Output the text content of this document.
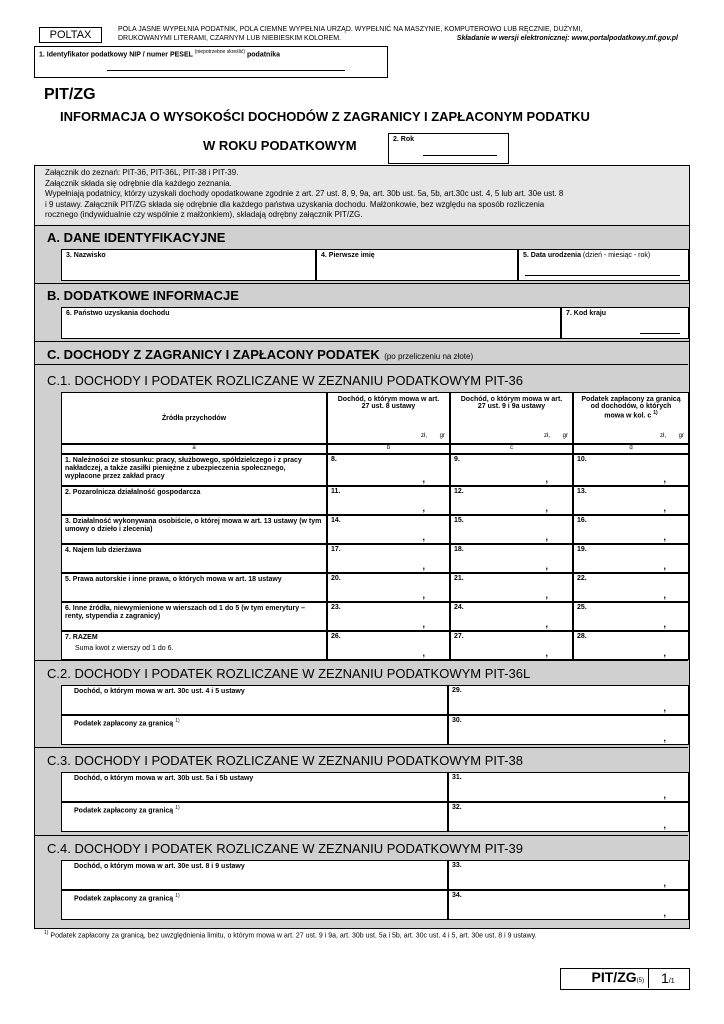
POLTAX	POLA JASNE WYPEŁNIA PODATNIK, POLA CIEMNE WYPEŁNIA URZĄD. WYPEŁNIĆ NA MASZYNIE, KOMPUTEROWO LUB RĘCZNIE, DUŻYMI, DRUKOWANYMI LITERAMI, CZARNYM LUB NIEBIESKIM KOLOREM.	Składanie w wersji elektronicznej: www.portalpodatkowy.mf.gov.pl
1. Identyfikator podatkowy NIP / numer PESEL $^{(niepotrzebne skreślić)}$ podatnika
PIT/ZG
INFORMACJA O WYSOKOŚCI DOCHODÓW Z ZAGRANICY I ZAPŁACONYM PODATKU
W ROKU PODATKOWYM	2. Rok
Załącznik do zeznań: PIT-36, PIT-36L, PIT-38 i PIT-39.
Załącznik składa się odrębnie dla każdego zeznania.
Wypełniają podatnicy, którzy uzyskali dochody opodatkowane zgodnie z art. 27 ust. 8, 9, 9a, art. 30b ust. 5a, 5b, art.30c ust. 4, 5 lub art. 30e ust. 8
i 9 ustawy. Załącznik PIT/ZG składa się odrębnie dla każdego państwa uzyskania dochodu. Małżonkowie, bez względu na sposób rozliczenia
rocznego (indywidualnie czy wspólnie z małżonkiem), składają odrębny załącznik PIT/ZG.
A. DANE IDENTYFIKACYJNE
3. Nazwisko	4. Pierwsze imię	5. Data urodzenia (dzień - miesiąc - rok)
B. DODATKOWE INFORMACJE
6. Państwo uzyskania dochodu	7. Kod kraju
C. DOCHODY Z ZAGRANICY I ZAPŁACONY PODATEK (po przeliczeniu na złote)
C.1. DOCHODY I PODATEK ROZLICZANE W ZEZNANIU PODATKOWYM PIT-36
Źródła przychodów
Dochód, o którym mowa w art. 27 ust. 8 ustawy
zł, gr
Dochód, o którym mowa w art. 27 ust. 9 i 9a ustawy
zł, gr
Podatek zapłacony za granicą od dochodów, o których mowa w kol. c $^{1)}$
zł, gr
a	b	c	d
1. Należności ze stosunku: pracy, służbowego, spółdzielczego i z pracy nakładczej, a także zasiłki pieniężne z ubezpieczenia społecznego, wypłacone przez zakład pracy
8.
,
9.
,
10.
,
2. Pozarolnicza działalność gospodarcza	11.
,
12.
,
13.
,
3. Działalność wykonywana osobiście, o której mowa w art. 13 ustawy (w tym umowy o dzieło i zlecenia)
14.
,
15.
,
16.
,
4. Najem lub dzierżawa	17.
,
18.
,
19.
,
5. Prawa autorskie i inne prawa, o których mowa w art. 18 ustawy	20.
,
21.
,
22.
,
6. Inne źródła, niewymienione w wierszach od 1 do 5 (w tym emerytury – renty, stypendia z zagranicy)
23.
,
24.
,
25.
,
7. RAZEM
Suma kwot z wierszy od 1 do 6.
26.
,
27.
,
28.
,
C.2. DOCHODY I PODATEK ROZLICZANE W ZEZNANIU PODATKOWYM PIT-36L
Dochód, o którym mowa w art. 30c ust. 4 i 5 ustawy	29.
,
Podatek zapłacony za granicą $^{1)}$	30.
,
C.3. DOCHODY I PODATEK ROZLICZANE W ZEZNANIU PODATKOWYM PIT-38
Dochód, o którym mowa w art. 30b ust. 5a i 5b ustawy	31.
,
Podatek zapłacony za granicą $^{1)}$	32.
,
C.4. DOCHODY I PODATEK ROZLICZANE W ZEZNANIU PODATKOWYM PIT-39
Dochód, o którym mowa w art. 30e ust. 8 i 9 ustawy	33.
,
Podatek zapłacony za granicą $^{1)}$	34.
,
$^{1)}$ Podatek zapłacony za granicą, bez uwzględnienia limitu, o którym mowa w art. 27 ust. 9 i 9a, art. 30b ust. 5a i 5b, art. 30c ust. 4 i 5, art. 30e ust. 8 i 9 ustawy.
PIT/ZG(5)	1/1
